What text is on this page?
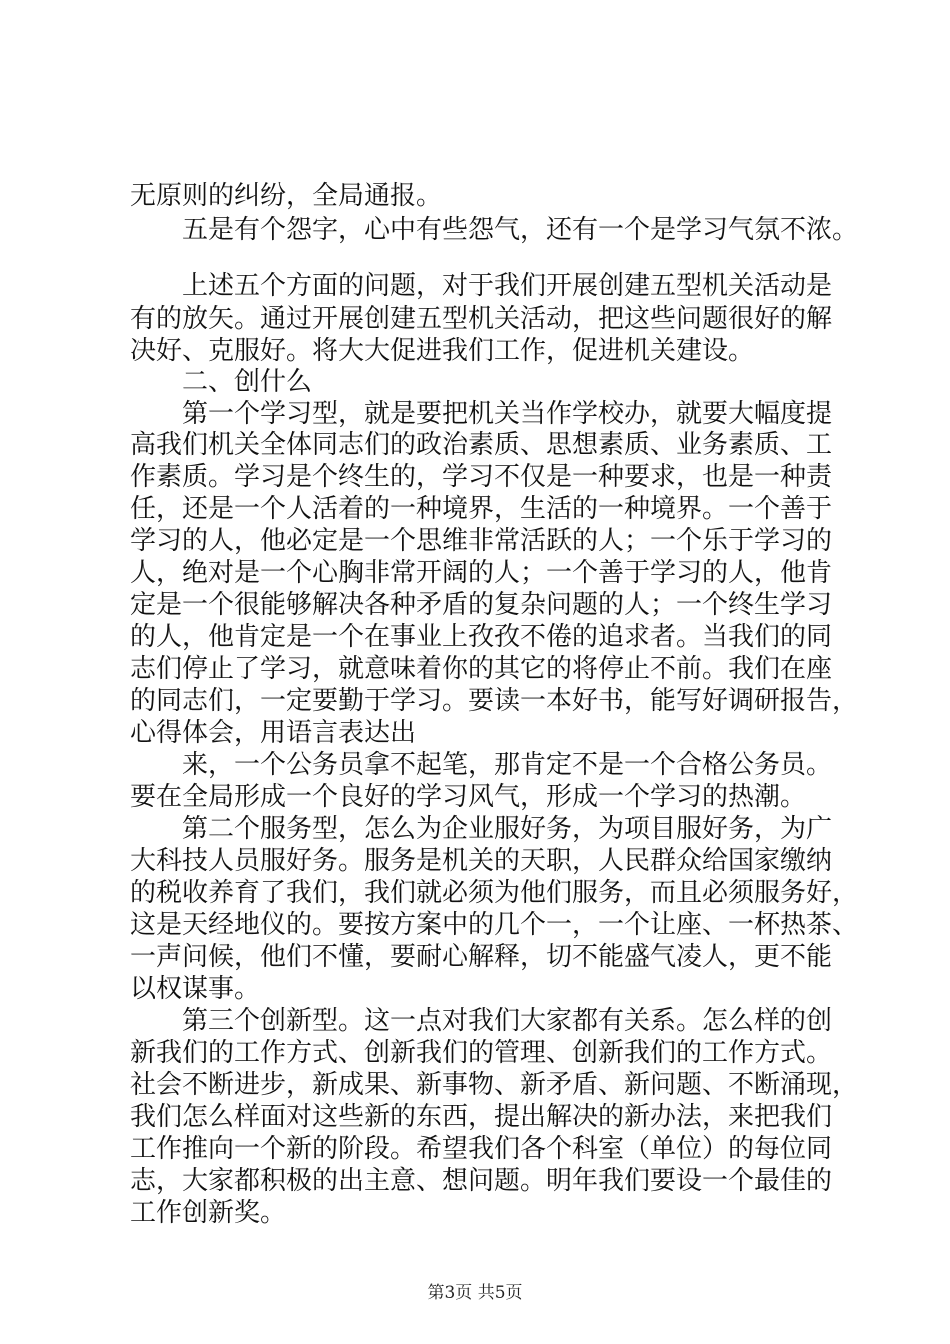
无原则的纠纷，全局通报。
五是有个怨字，心中有些怨气，还有一个是学习气氛不浓。
上述五个方面的问题，对于我们开展创建五型机关活动是
有的放矢。通过开展创建五型机关活动，把这些问题很好的解
决好、克服好。将大大促进我们工作，促进机关建设。
二、创什么
第一个学习型，就是要把机关当作学校办，就要大幅度提
高我们机关全体同志们的政治素质、思想素质、业务素质、工
作素质。学习是个终生的，学习不仅是一种要求，也是一种责
任，还是一个人活着的一种境界，生活的一种境界。一个善于
学习的人，他必定是一个思维非常活跃的人；一个乐于学习的
人，绝对是一个心胸非常开阔的人；一个善于学习的人，他肯
定是一个很能够解决各种矛盾的复杂问题的人；一个终生学习
的人，他肯定是一个在事业上孜孜不倦的追求者。当我们的同
志们停止了学习，就意味着你的其它的将停止不前。我们在座
的同志们，一定要勤于学习。要读一本好书，能写好调研报告，
心得体会，用语言表达出
来，一个公务员拿不起笔，那肯定不是一个合格公务员。
要在全局形成一个良好的学习风气，形成一个学习的热潮。
第二个服务型，怎么为企业服好务，为项目服好务，为广
大科技人员服好务。服务是机关的天职，人民群众给国家缴纳
的税收养育了我们，我们就必须为他们服务，而且必须服务好，
这是天经地仪的。要按方案中的几个一，一个让座、一杯热茶、
一声问候，他们不懂，要耐心解释，切不能盛气凌人，更不能
以权谋事。
第三个创新型。这一点对我们大家都有关系。怎么样的创
新我们的工作方式、创新我们的管理、创新我们的工作方式。
社会不断进步，新成果、新事物、新矛盾、新问题、不断涌现，
我们怎么样面对这些新的东西，提出解决的新办法，来把我们
工作推向一个新的阶段。希望我们各个科室（单位）的每位同
志，大家都积极的出主意、想问题。明年我们要设一个最佳的
工作创新奖。
第3页 共5页
